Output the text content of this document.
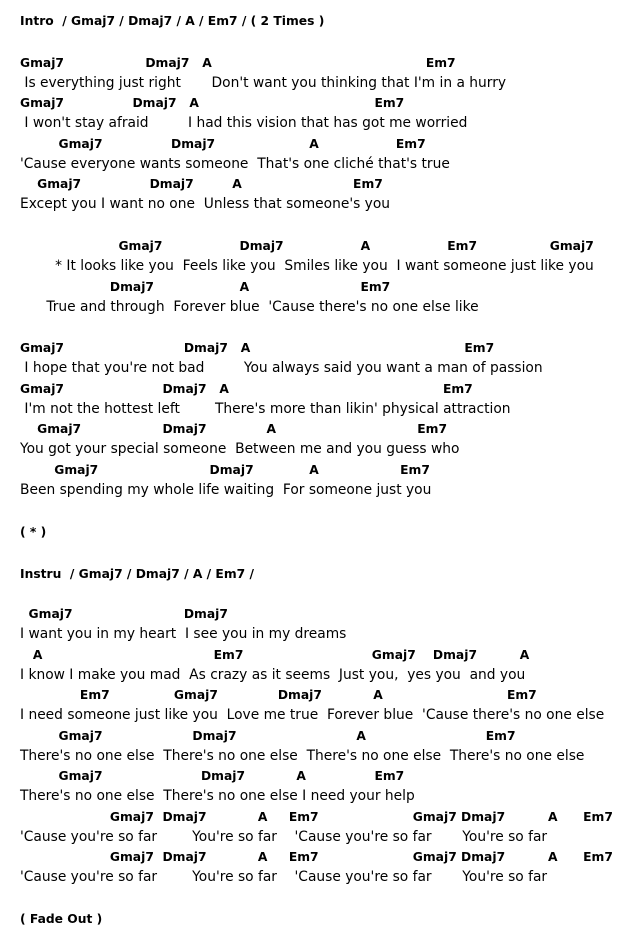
Intro  / Gmaj7 / Dmaj7 / A / Em7 / ( 2 Times )
Gmaj7                   Dmaj7   A                                                  Em7
Is everything just right       Don't want you thinking that I'm in a hurry
Gmaj7                Dmaj7   A                                         Em7
I won't stay afraid         I had this vision that has got me worried
Gmaj7                Dmaj7                      A                  Em7
'Cause everyone wants someone  That's one cliché that's true
Gmaj7                Dmaj7         A                          Em7
Except you I want no one  Unless that someone's you
Gmaj7                  Dmaj7                  A                  Em7                 Gmaj7
* It looks like you  Feels like you  Smiles like you  I want someone just like you
Dmaj7                    A                          Em7
True and through  Forever blue  'Cause there's no one else like
Gmaj7                            Dmaj7   A                                                  Em7
I hope that you're not bad         You always said you want a man of passion
Gmaj7                       Dmaj7   A                                                  Em7
I'm not the hottest left        There's more than likin' physical attraction
Gmaj7                   Dmaj7              A                                 Em7
You got your special someone  Between me and you guess who
Gmaj7                          Dmaj7             A                   Em7
Been spending my whole life waiting  For someone just you
( * )
Instru  / Gmaj7 / Dmaj7 / A / Em7 /
Gmaj7                          Dmaj7
I want you in my heart  I see you in my dreams
A                                        Em7                              Gmaj7    Dmaj7          A
I know I make you mad  As crazy as it seems  Just you,  yes you  and you
Em7               Gmaj7              Dmaj7            A                             Em7
I need someone just like you  Love me true  Forever blue  'Cause there's no one else
Gmaj7                     Dmaj7                            A                            Em7
There's no one else  There's no one else  There's no one else  There's no one else
Gmaj7                       Dmaj7            A                Em7
There's no one else  There's no one else I need your help
Gmaj7  Dmaj7            A     Em7                      Gmaj7 Dmaj7          A      Em7
'Cause you're so far        You're so far    'Cause you're so far       You're so far
Gmaj7  Dmaj7            A     Em7                      Gmaj7 Dmaj7          A      Em7
'Cause you're so far        You're so far    'Cause you're so far       You're so far
( Fade Out )
